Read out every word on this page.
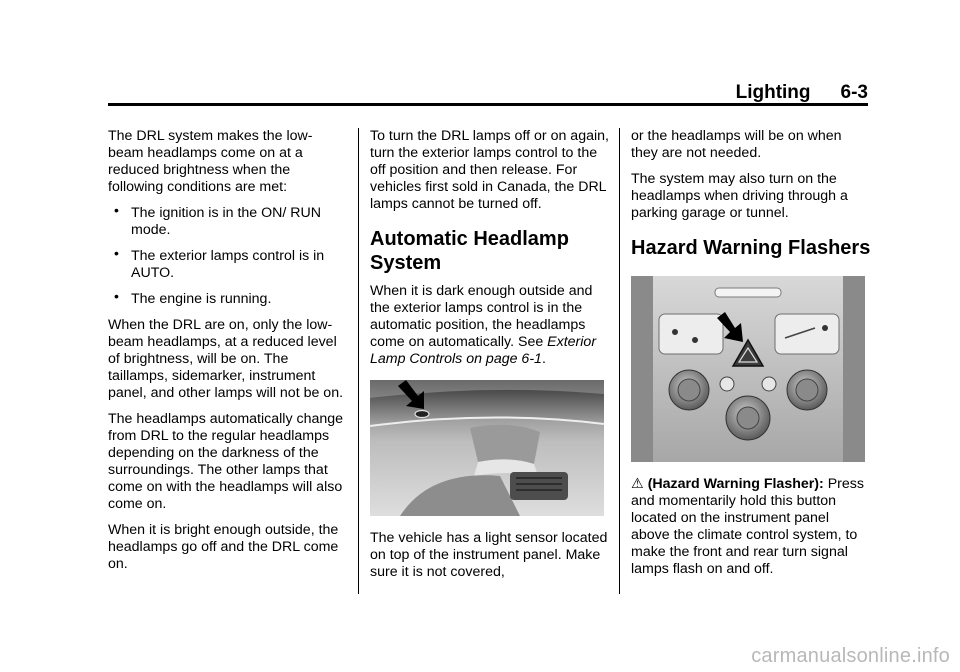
Lighting 6-3

The DRL system makes the low-beam headlamps come on at a reduced brightness when the following conditions are met:

• The ignition is in the ON/ RUN mode.
• The exterior lamps control is in AUTO.
• The engine is running.

When the DRL are on, only the low-beam headlamps, at a reduced level of brightness, will be on. The taillamps, sidemarker, instrument panel, and other lamps will not be on.

The headlamps automatically change from DRL to the regular headlamps depending on the darkness of the surroundings. The other lamps that come on with the headlamps will also come on.

When it is bright enough outside, the headlamps go off and the DRL come on.

To turn the DRL lamps off or on again, turn the exterior lamps control to the off position and then release. For vehicles first sold in Canada, the DRL lamps cannot be turned off.

Automatic Headlamp System

When it is dark enough outside and the exterior lamps control is in the automatic position, the headlamps come on automatically. See Exterior Lamp Controls on page 6-1.

The vehicle has a light sensor located on top of the instrument panel. Make sure it is not covered,

or the headlamps will be on when they are not needed.

The system may also turn on the headlamps when driving through a parking garage or tunnel.

Hazard Warning Flashers

⚠ (Hazard Warning Flasher): Press and momentarily hold this button located on the instrument panel above the climate control system, to make the front and rear turn signal lamps flash on and off.

carmanualsonline.info
